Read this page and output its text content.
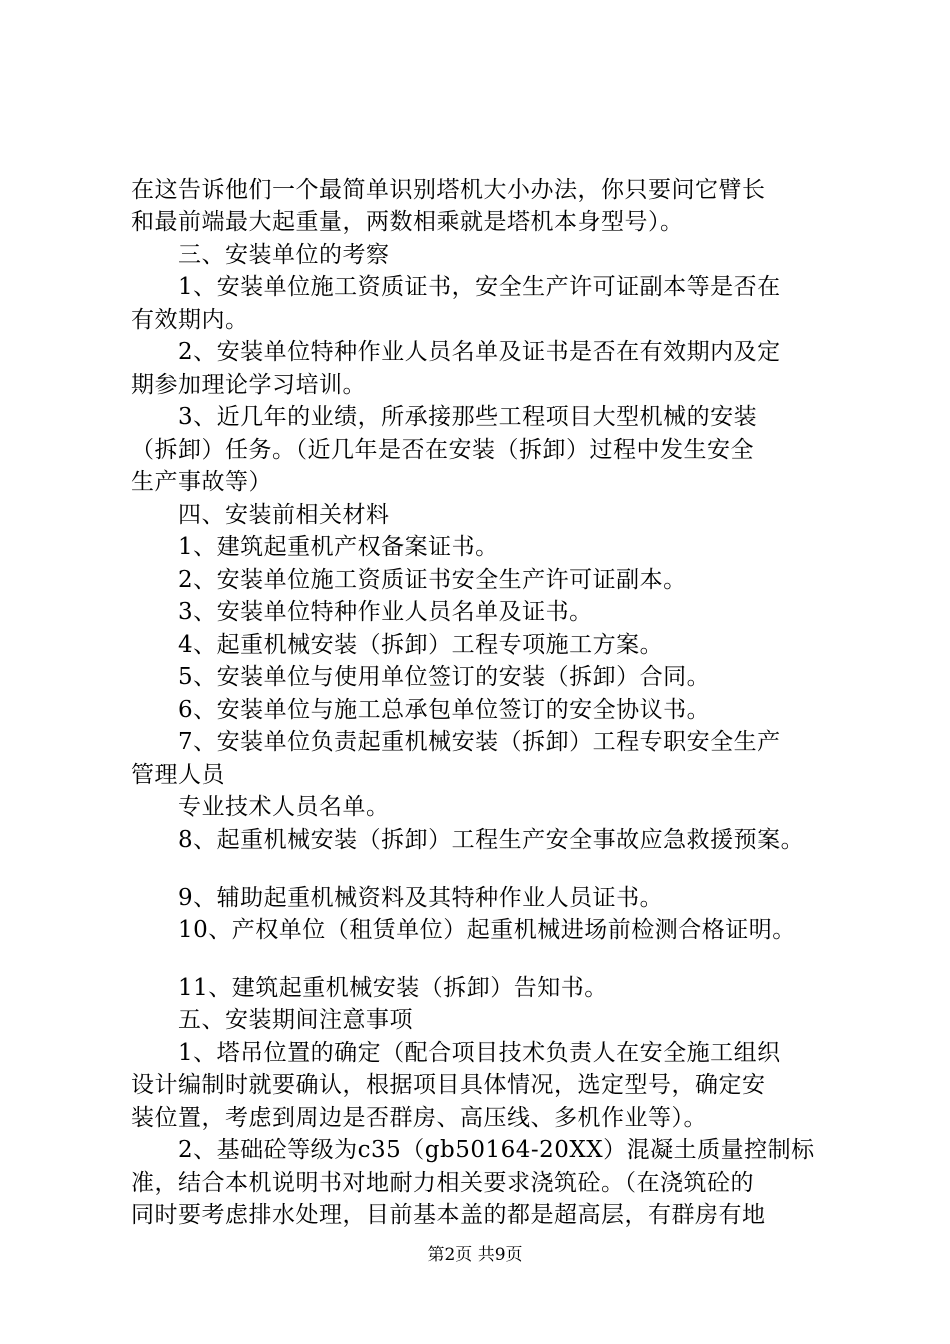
在这告诉他们一个最简单识别塔机大小办法，你只要问它臂长
和最前端最大起重量，两数相乘就是塔机本身型号）。
三、安装单位的考察
1、安装单位施工资质证书，安全生产许可证副本等是否在
有效期内。
2、安装单位特种作业人员名单及证书是否在有效期内及定
期参加理论学习培训。
3、近几年的业绩，所承接那些工程项目大型机械的安装
（拆卸）任务。（近几年是否在安装（拆卸）过程中发生安全
生产事故等）
四、安装前相关材料
1、建筑起重机产权备案证书。
2、安装单位施工资质证书安全生产许可证副本。
3、安装单位特种作业人员名单及证书。
4、起重机械安装（拆卸）工程专项施工方案。
5、安装单位与使用单位签订的安装（拆卸）合同。
6、安装单位与施工总承包单位签订的安全协议书。
7、安装单位负责起重机械安装（拆卸）工程专职安全生产
管理人员
专业技术人员名单。
8、起重机械安装（拆卸）工程生产安全事故应急救援预案。
9、辅助起重机械资料及其特种作业人员证书。
10、产权单位（租赁单位）起重机械进场前检测合格证明。
11、建筑起重机械安装（拆卸）告知书。
五、安装期间注意事项
1、塔吊位置的确定（配合项目技术负责人在安全施工组织
设计编制时就要确认，根据项目具体情况，选定型号，确定安
装位置，考虑到周边是否群房、高压线、多机作业等）。
2、基础砼等级为c35（gb50164-20XX）混凝土质量控制标
准，结合本机说明书对地耐力相关要求浇筑砼。（在浇筑砼的
同时要考虑排水处理，目前基本盖的都是超高层，有群房有地
第2页 共9页
